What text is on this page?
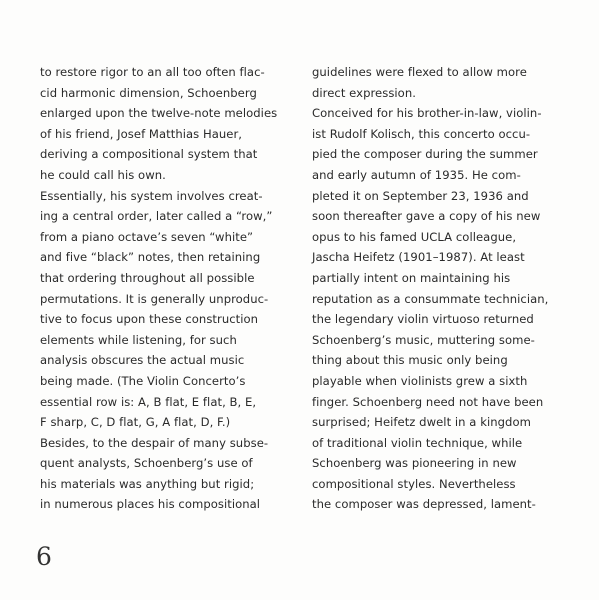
to restore rigor to an all too often flac-
cid harmonic dimension, Schoenberg
enlarged upon the twelve-note melodies
of his friend, Josef Matthias Hauer,
deriving a compositional system that
he could call his own.
Essentially, his system involves creat-
ing a central order, later called a “row,”
from a piano octave’s seven “white”
and five “black” notes, then retaining
that ordering throughout all possible
permutations. It is generally unproduc-
tive to focus upon these construction
elements while listening, for such
analysis obscures the actual music
being made. (The Violin Concerto’s
essential row is: A, B flat, E flat, B, E,
F sharp, C, D flat, G, A flat, D, F.)
Besides, to the despair of many subse-
quent analysts, Schoenberg’s use of
his materials was anything but rigid;
in numerous places his compositional
guidelines were flexed to allow more
direct expression.
Conceived for his brother-in-law, violin-
ist Rudolf Kolisch, this concerto occu-
pied the composer during the summer
and early autumn of 1935. He com-
pleted it on September 23, 1936 and
soon thereafter gave a copy of his new
opus to his famed UCLA colleague,
Jascha Heifetz (1901–1987). At least
partially intent on maintaining his
reputation as a consummate technician,
the legendary violin virtuoso returned
Schoenberg’s music, muttering some-
thing about this music only being
playable when violinists grew a sixth
finger. Schoenberg need not have been
surprised; Heifetz dwelt in a kingdom
of traditional violin technique, while
Schoenberg was pioneering in new
compositional styles. Nevertheless
the composer was depressed, lament-
6
